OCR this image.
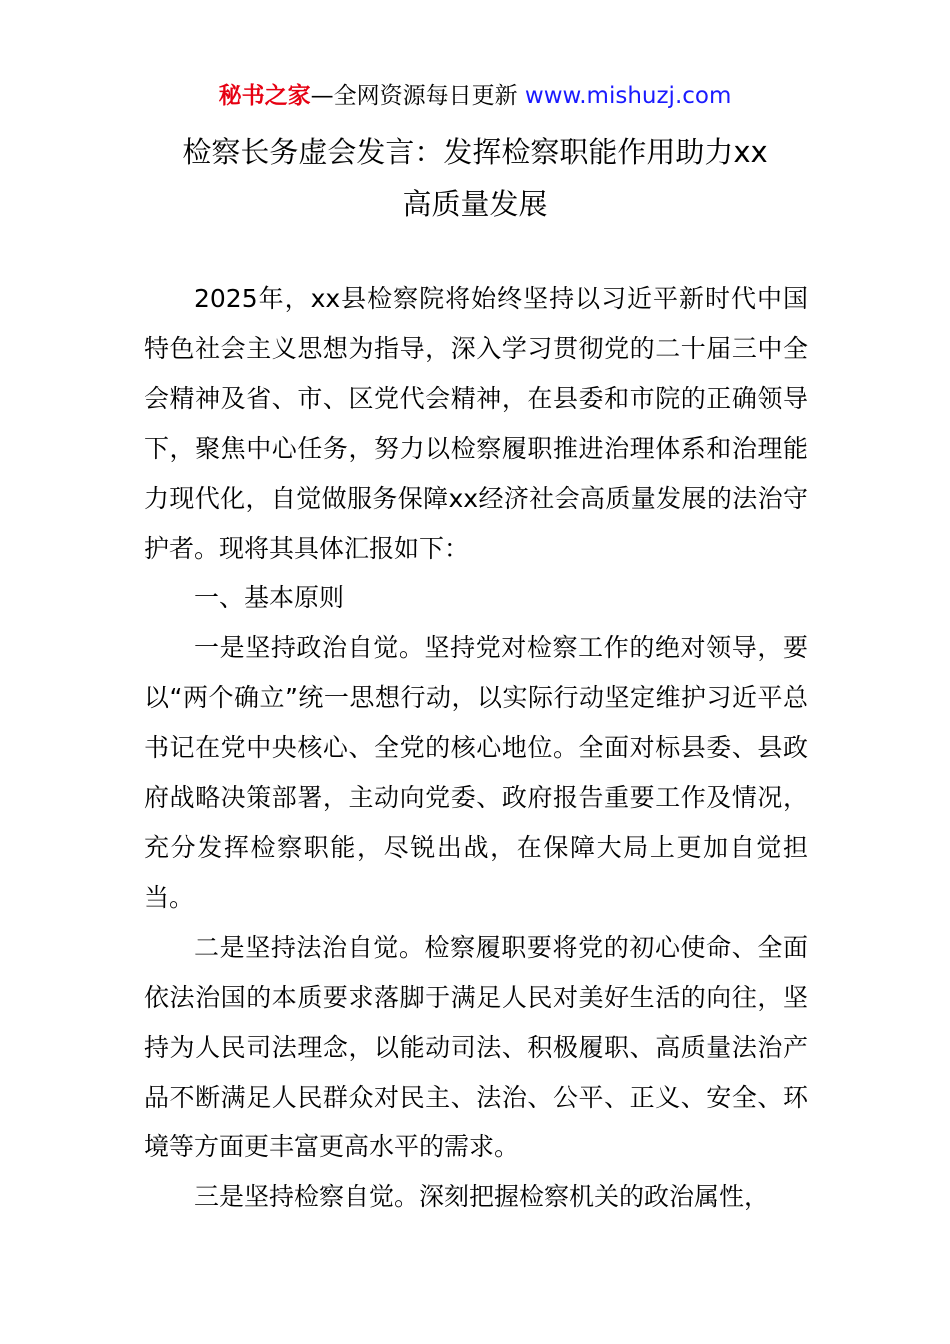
秘书之家—全网资源每日更新 www.mishuzj.com
检察长务虚会发言：发挥检察职能作用助力xx
高质量发展

2025年，xx县检察院将始终坚持以习近平新时代中国特色社会主义思想为指导，深入学习贯彻党的二十届三中全会精神及省、市、区党代会精神，在县委和市院的正确领导下，聚焦中心任务，努力以检察履职推进治理体系和治理能力现代化，自觉做服务保障xx经济社会高质量发展的法治守护者。现将其具体汇报如下：

一、基本原则

一是坚持政治自觉。坚持党对检察工作的绝对领导，要以“两个确立”统一思想行动，以实际行动坚定维护习近平总书记在党中央核心、全党的核心地位。全面对标县委、县政府战略决策部署，主动向党委、政府报告重要工作及情况，充分发挥检察职能，尽锐出战，在保障大局上更加自觉担当。

二是坚持法治自觉。检察履职要将党的初心使命、全面依法治国的本质要求落脚于满足人民对美好生活的向往，坚持为人民司法理念，以能动司法、积极履职、高质量法治产品不断满足人民群众对民主、法治、公平、正义、安全、环境等方面更丰富更高水平的需求。

三是坚持检察自觉。深刻把握检察机关的政治属性，
